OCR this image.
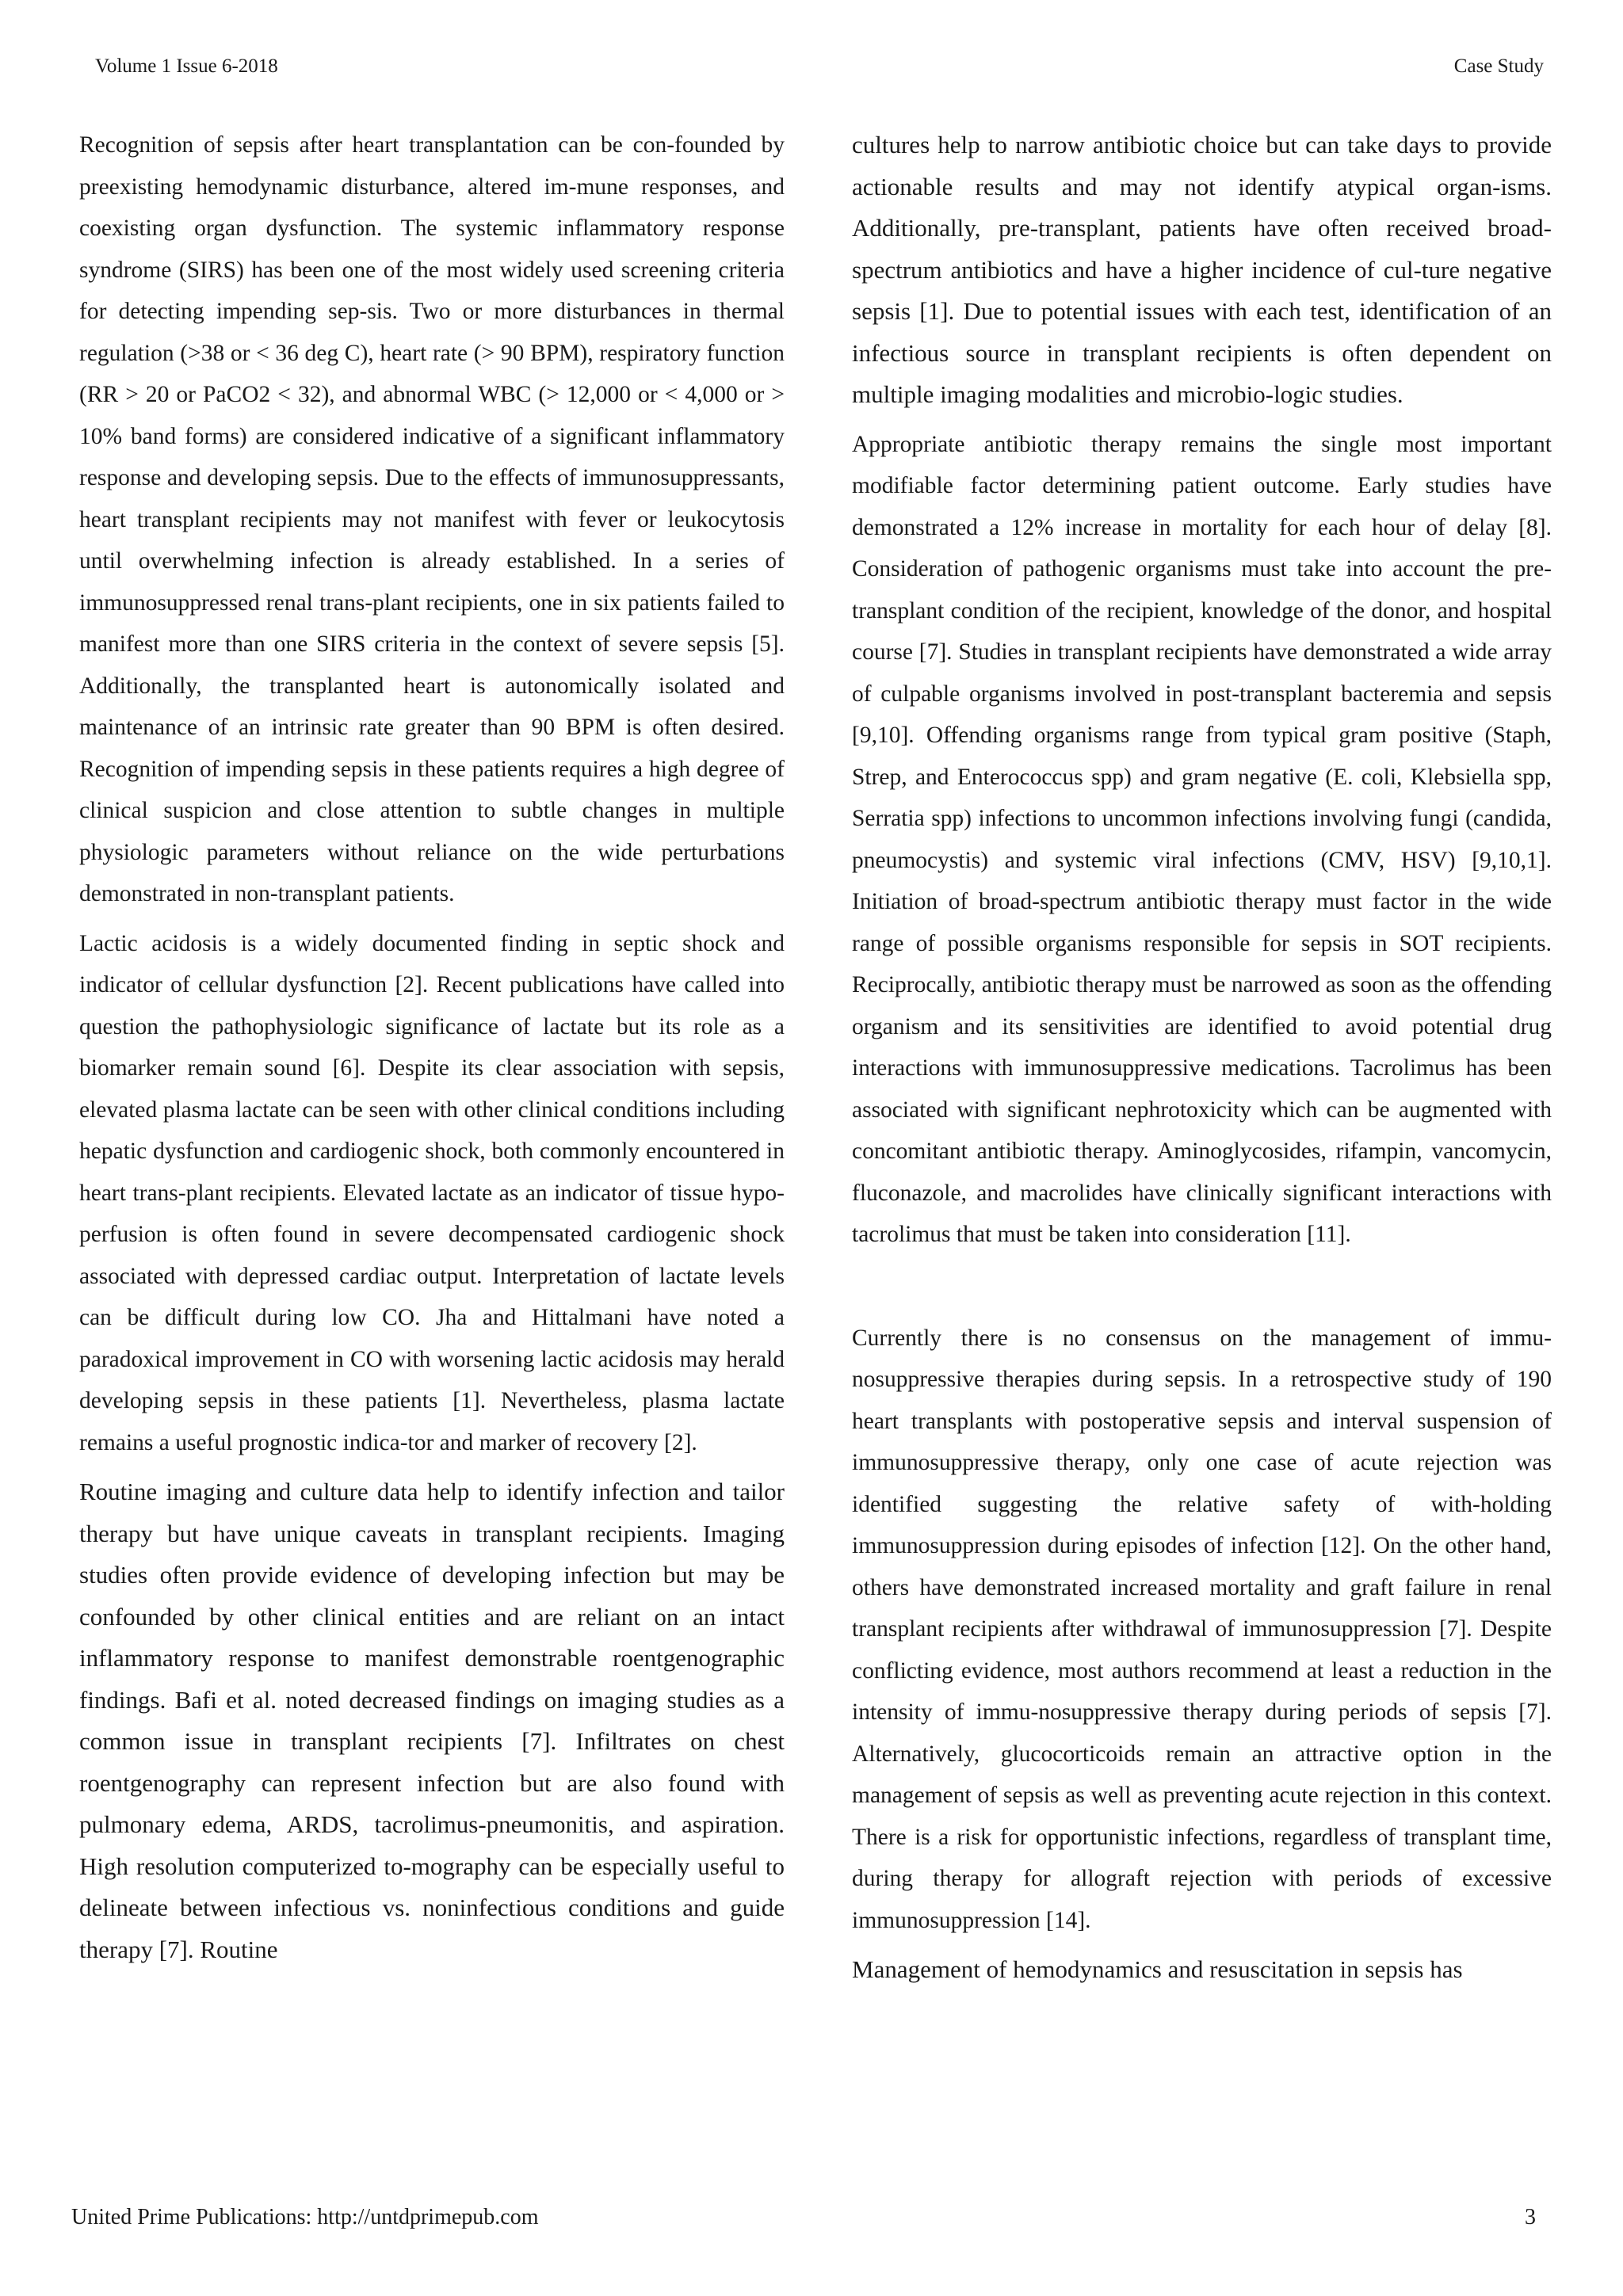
Volume 1 Issue 6-2018	Case Study

Recognition of sepsis after heart transplantation can be con-founded by preexisting hemodynamic disturbance, altered im-mune responses, and coexisting organ dysfunction. The systemic inflammatory response syndrome (SIRS) has been one of the most widely used screening criteria for detecting impending sep-sis. Two or more disturbances in thermal regulation (>38 or < 36 deg C), heart rate (> 90 BPM), respiratory function (RR > 20 or PaCO2 < 32), and abnormal WBC (> 12,000 or < 4,000 or > 10% band forms) are considered indicative of a significant inflammatory response and developing sepsis. Due to the effects of immunosuppressants, heart transplant recipients may not manifest with fever or leukocytosis until overwhelming infection is already established. In a series of immunosuppressed renal trans-plant recipients, one in six patients failed to manifest more than one SIRS criteria in the context of severe sepsis [5]. Additionally, the transplanted heart is autonomically isolated and maintenance of an intrinsic rate greater than 90 BPM is often desired. Recognition of impending sepsis in these patients requires a high degree of clinical suspicion and close attention to subtle changes in multiple physiologic parameters without reliance on the wide perturbations demonstrated in non-transplant patients.

Lactic acidosis is a widely documented finding in septic shock and indicator of cellular dysfunction [2]. Recent publications have called into question the pathophysiologic significance of lactate but its role as a biomarker remain sound [6]. Despite its clear association with sepsis, elevated plasma lactate can be seen with other clinical conditions including hepatic dysfunction and cardiogenic shock, both commonly encountered in heart trans-plant recipients. Elevated lactate as an indicator of tissue hypo-perfusion is often found in severe decompensated cardiogenic shock associated with depressed cardiac output. Interpretation of lactate levels can be difficult during low CO. Jha and Hittalmani have noted a paradoxical improvement in CO with worsening lactic acidosis may herald developing sepsis in these patients [1]. Nevertheless, plasma lactate remains a useful prognostic indica-tor and marker of recovery [2].

Routine imaging and culture data help to identify infection and tailor therapy but have unique caveats in transplant recipients. Imaging studies often provide evidence of developing infection but may be confounded by other clinical entities and are reliant on an intact inflammatory response to manifest demonstrable roentgenographic findings. Bafi et al. noted decreased findings on imaging studies as a common issue in transplant recipients [7]. Infiltrates on chest roentgenography can represent infection but are also found with pulmonary edema, ARDS, tacrolimus-pneumonitis, and aspiration. High resolution computerized to-mography can be especially useful to delineate between infectious vs. noninfectious conditions and guide therapy [7]. Routine

cultures help to narrow antibiotic choice but can take days to provide actionable results and may not identify atypical organ-isms. Additionally, pre-transplant, patients have often received broad-spectrum antibiotics and have a higher incidence of cul-ture negative sepsis [1]. Due to potential issues with each test, identification of an infectious source in transplant recipients is often dependent on multiple imaging modalities and microbio-logic studies.

Appropriate antibiotic therapy remains the single most important modifiable factor determining patient outcome. Early studies have demonstrated a 12% increase in mortality for each hour of delay [8]. Consideration of pathogenic organisms must take into account the pre-transplant condition of the recipient, knowledge of the donor, and hospital course [7]. Studies in transplant recipients have demonstrated a wide array of culpable organisms involved in post-transplant bacteremia and sepsis [9,10]. Offending organisms range from typical gram positive (Staph, Strep, and Enterococcus spp) and gram negative (E. coli, Klebsiella spp, Serratia spp) infections to uncommon infections involving fungi (candida, pneumocystis) and systemic viral infections (CMV, HSV) [9,10,1]. Initiation of broad-spectrum antibiotic therapy must factor in the wide range of possible organisms responsible for sepsis in SOT recipients. Reciprocally, antibiotic therapy must be narrowed as soon as the offending organism and its sensitivities are identified to avoid potential drug interactions with immunosuppressive medications. Tacrolimus has been associated with significant nephrotoxicity which can be augmented with concomitant antibiotic therapy. Aminoglycosides, rifampin, vancomycin, fluconazole, and macrolides have clinically significant interactions with tacrolimus that must be taken into consideration [11].

Currently there is no consensus on the management of immu-nosuppressive therapies during sepsis. In a retrospective study of 190 heart transplants with postoperative sepsis and interval suspension of immunosuppressive therapy, only one case of acute rejection was identified suggesting the relative safety of with-holding immunosuppression during episodes of infection [12]. On the other hand, others have demonstrated increased mortality and graft failure in renal transplant recipients after withdrawal of immunosuppression [7]. Despite conflicting evidence, most authors recommend at least a reduction in the intensity of immu-nosuppressive therapy during periods of sepsis [7]. Alternatively, glucocorticoids remain an attractive option in the management of sepsis as well as preventing acute rejection in this context. There is a risk for opportunistic infections, regardless of transplant time, during therapy for allograft rejection with periods of excessive immunosuppression [14].

Management of hemodynamics and resuscitation in sepsis has

United Prime Publications: http://untdprimepub.com	3
